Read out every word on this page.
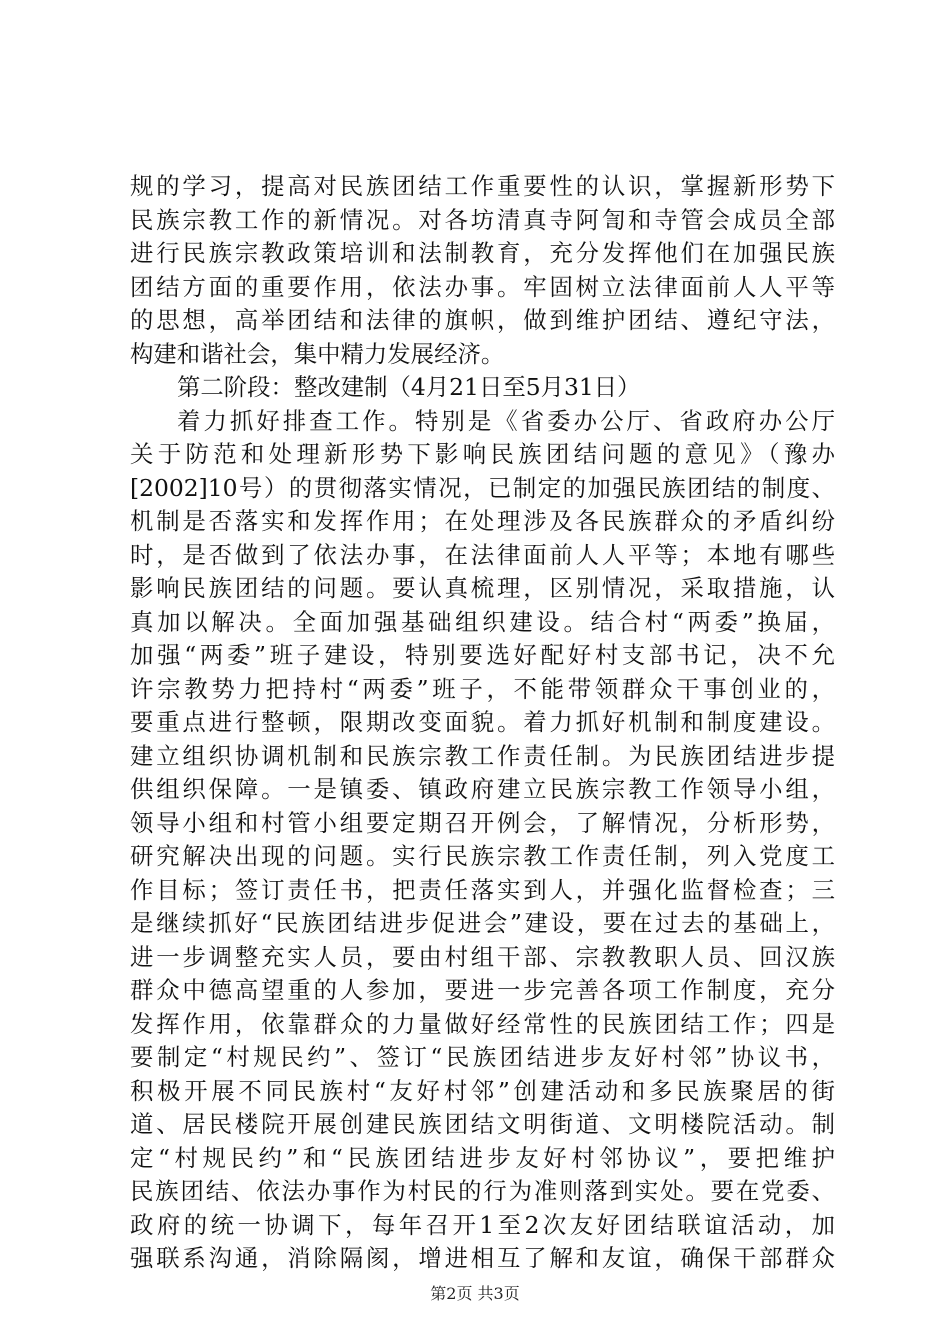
规的学习，提高对民族团结工作重要性的认识，掌握新形势下
民族宗教工作的新情况。对各坊清真寺阿訇和寺管会成员全部
进行民族宗教政策培训和法制教育，充分发挥他们在加强民族
团结方面的重要作用，依法办事。牢固树立法律面前人人平等
的思想，高举团结和法律的旗帜，做到维护团结、遵纪守法，
构建和谐社会，集中精力发展经济。
第二阶段：整改建制（4月21日至5月31日）
着力抓好排查工作。特别是《省委办公厅、省政府办公厅
关于防范和处理新形势下影响民族团结问题的意见》（豫办
[2002]10号）的贯彻落实情况，已制定的加强民族团结的制度、
机制是否落实和发挥作用；在处理涉及各民族群众的矛盾纠纷
时，是否做到了依法办事，在法律面前人人平等；本地有哪些
影响民族团结的问题。要认真梳理，区别情况，采取措施，认
真加以解决。全面加强基础组织建设。结合村“两委”换届，
加强“两委”班子建设，特别要选好配好村支部书记，决不允
许宗教势力把持村“两委”班子，不能带领群众干事创业的，
要重点进行整顿，限期改变面貌。着力抓好机制和制度建设。
建立组织协调机制和民族宗教工作责任制。为民族团结进步提
供组织保障。一是镇委、镇政府建立民族宗教工作领导小组，
领导小组和村管小组要定期召开例会，了解情况，分析形势，
研究解决出现的问题。实行民族宗教工作责任制，列入党度工
作目标；签订责任书，把责任落实到人，并强化监督检查；三
是继续抓好“民族团结进步促进会”建设，要在过去的基础上，
进一步调整充实人员，要由村组干部、宗教教职人员、回汉族
群众中德高望重的人参加，要进一步完善各项工作制度，充分
发挥作用，依靠群众的力量做好经常性的民族团结工作；四是
要制定“村规民约”、签订“民族团结进步友好村邻”协议书，
积极开展不同民族村“友好村邻”创建活动和多民族聚居的街
道、居民楼院开展创建民族团结文明街道、文明楼院活动。制
定“村规民约”和“民族团结进步友好村邻协议”，要把维护
民族团结、依法办事作为村民的行为准则落到实处。要在党委、
政府的统一协调下，每年召开1至2次友好团结联谊活动，加
强联系沟通，消除隔阂，增进相互了解和友谊，确保干部群众
第2页 共3页
